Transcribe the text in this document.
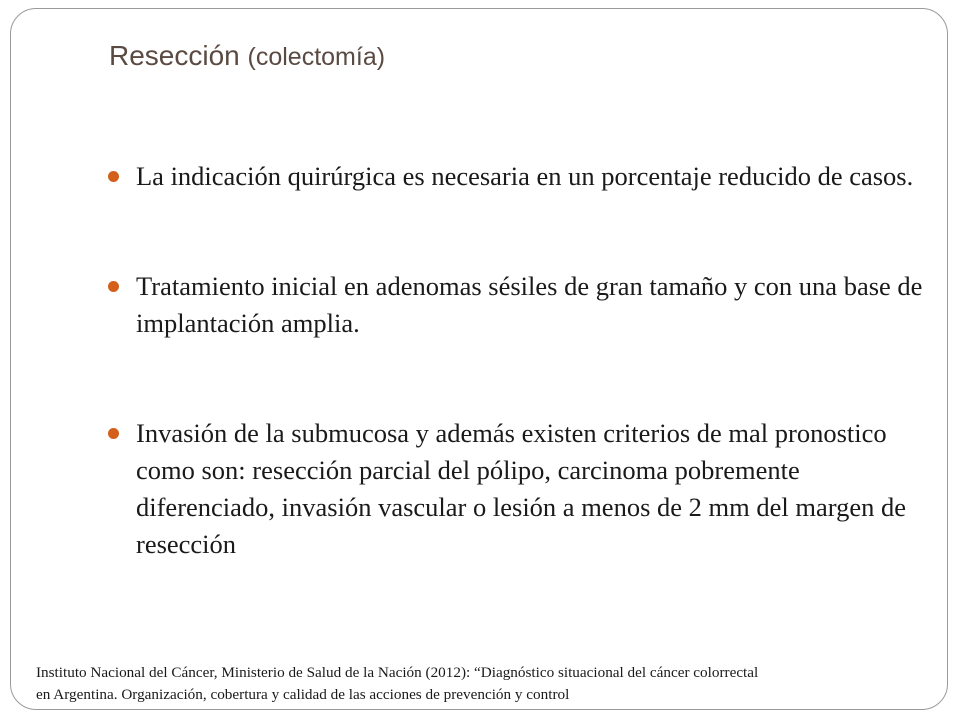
Resección (colectomía)
La indicación quirúrgica es necesaria en un porcentaje reducido de casos.
Tratamiento inicial en adenomas sésiles de gran tamaño y con una base de implantación amplia.
Invasión de la submucosa y además existen criterios de mal pronostico como son: resección parcial del pólipo, carcinoma pobremente diferenciado, invasión vascular o lesión a menos de 2 mm del margen de resección
Instituto Nacional del Cáncer, Ministerio de Salud de la Nación (2012): “Diagnóstico situacional del cáncer colorrectal
en Argentina. Organización, cobertura y calidad de las acciones de prevención y control
